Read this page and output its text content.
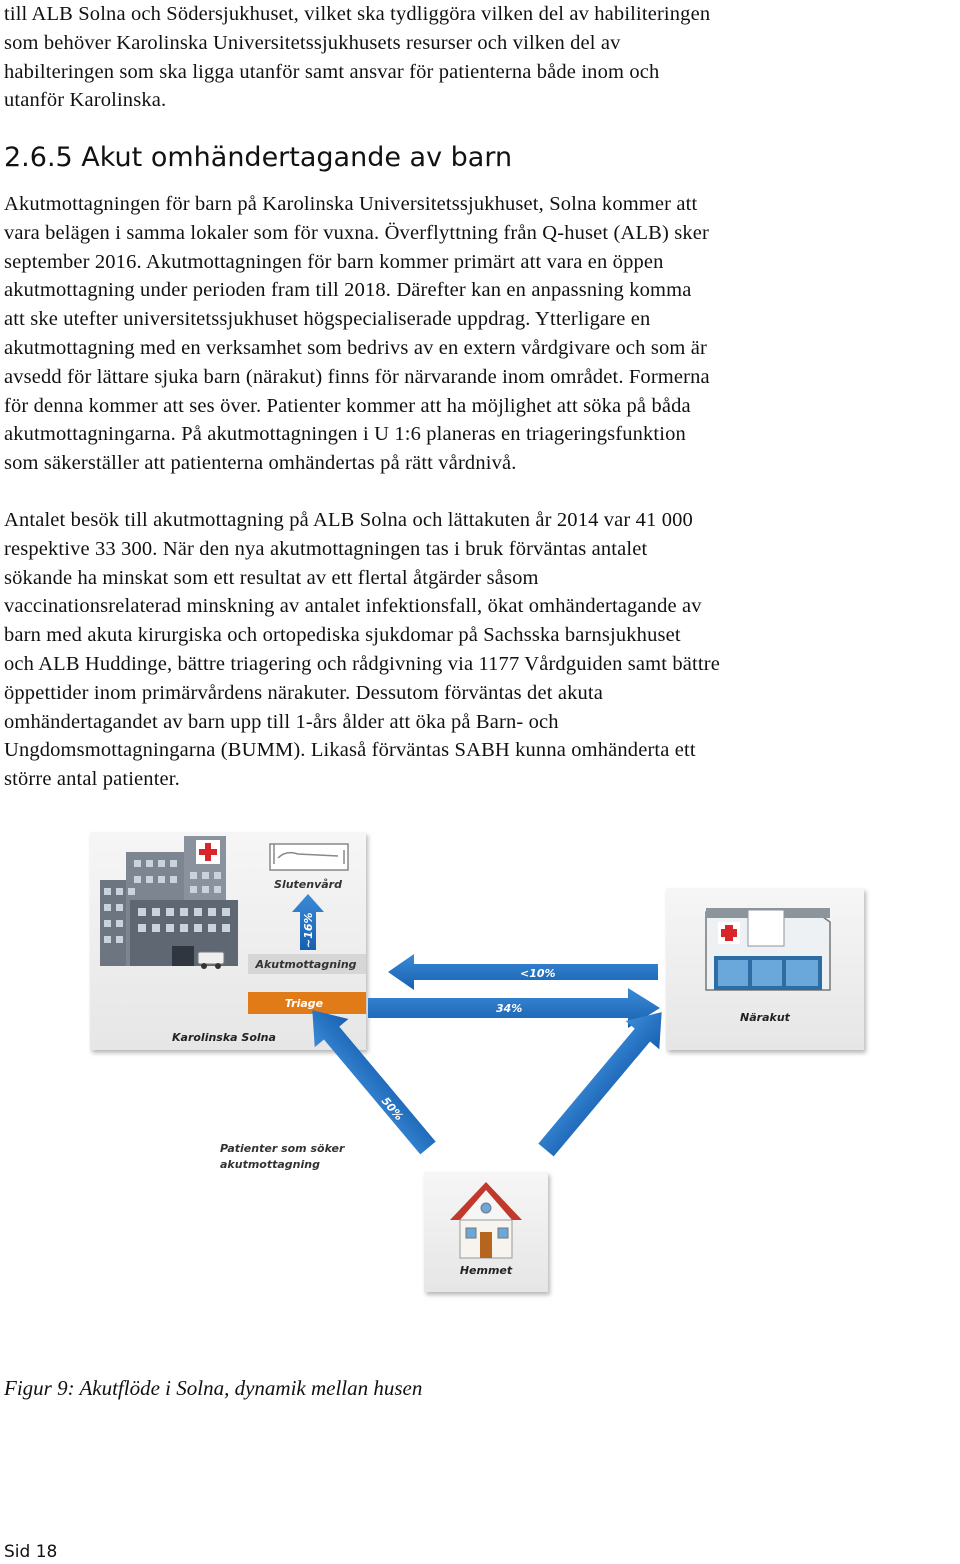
till ALB Solna och Södersjukhuset, vilket ska tydliggöra vilken del av habiliteringen
som behöver Karolinska Universitetssjukhusets resurser och vilken del av
habilteringen som ska ligga utanför samt ansvar för patienterna både inom och
utanför Karolinska.
2.6.5 Akut omhändertagande av barn
Akutmottagningen för barn på Karolinska Universitetssjukhuset, Solna kommer att
vara belägen i samma lokaler som för vuxna. Överflyttning från Q-huset (ALB) sker
september 2016. Akutmottagningen för barn kommer primärt att vara en öppen
akutmottagning under perioden fram till 2018. Därefter kan en anpassning komma
att ske utefter universitetssjukhuset högspecialiserade uppdrag. Ytterligare en
akutmottagning med en verksamhet som bedrivs av en extern vårdgivare och som är
avsedd för lättare sjuka barn (närakut) finns för närvarande inom området. Formerna
för denna kommer att ses över. Patienter kommer att ha möjlighet att söka på båda
akutmottagningarna. På akutmottagningen i U 1:6 planeras en triageringsfunktion
som säkerställer att patienterna omhändertas på rätt vårdnivå.
Antalet besök till akutmottagning på ALB Solna och lättakuten år 2014 var 41 000
respektive 33 300. När den nya akutmottagningen tas i bruk förväntas antalet
sökande ha minskat som ett resultat av ett flertal åtgärder såsom
vaccinationsrelaterad minskning av antalet infektionsfall, ökat omhändertagande av
barn med akuta kirurgiska och ortopediska sjukdomar på Sachsska barnsjukhuset
och ALB Huddinge, bättre triagering och rådgivning via 1177 Vårdguiden samt bättre
öppettider inom primärvårdens närakuter. Dessutom förväntas det akuta
omhändertagandet av barn upp till 1-års ålder att öka på Barn- och
Ungdomsmottagningarna (BUMM). Likaså förväntas SABH kunna omhänderta ett
större antal patienter.
Slutenvård
~16%
Akutmottagning
Triage
Karolinska Solna
Närakut
Hemmet
<10%
34%
50%	> 90%
Patienter som söker
akutmottagning
Figur 9: Akutflöde i Solna, dynamik mellan husen
Sid 18
